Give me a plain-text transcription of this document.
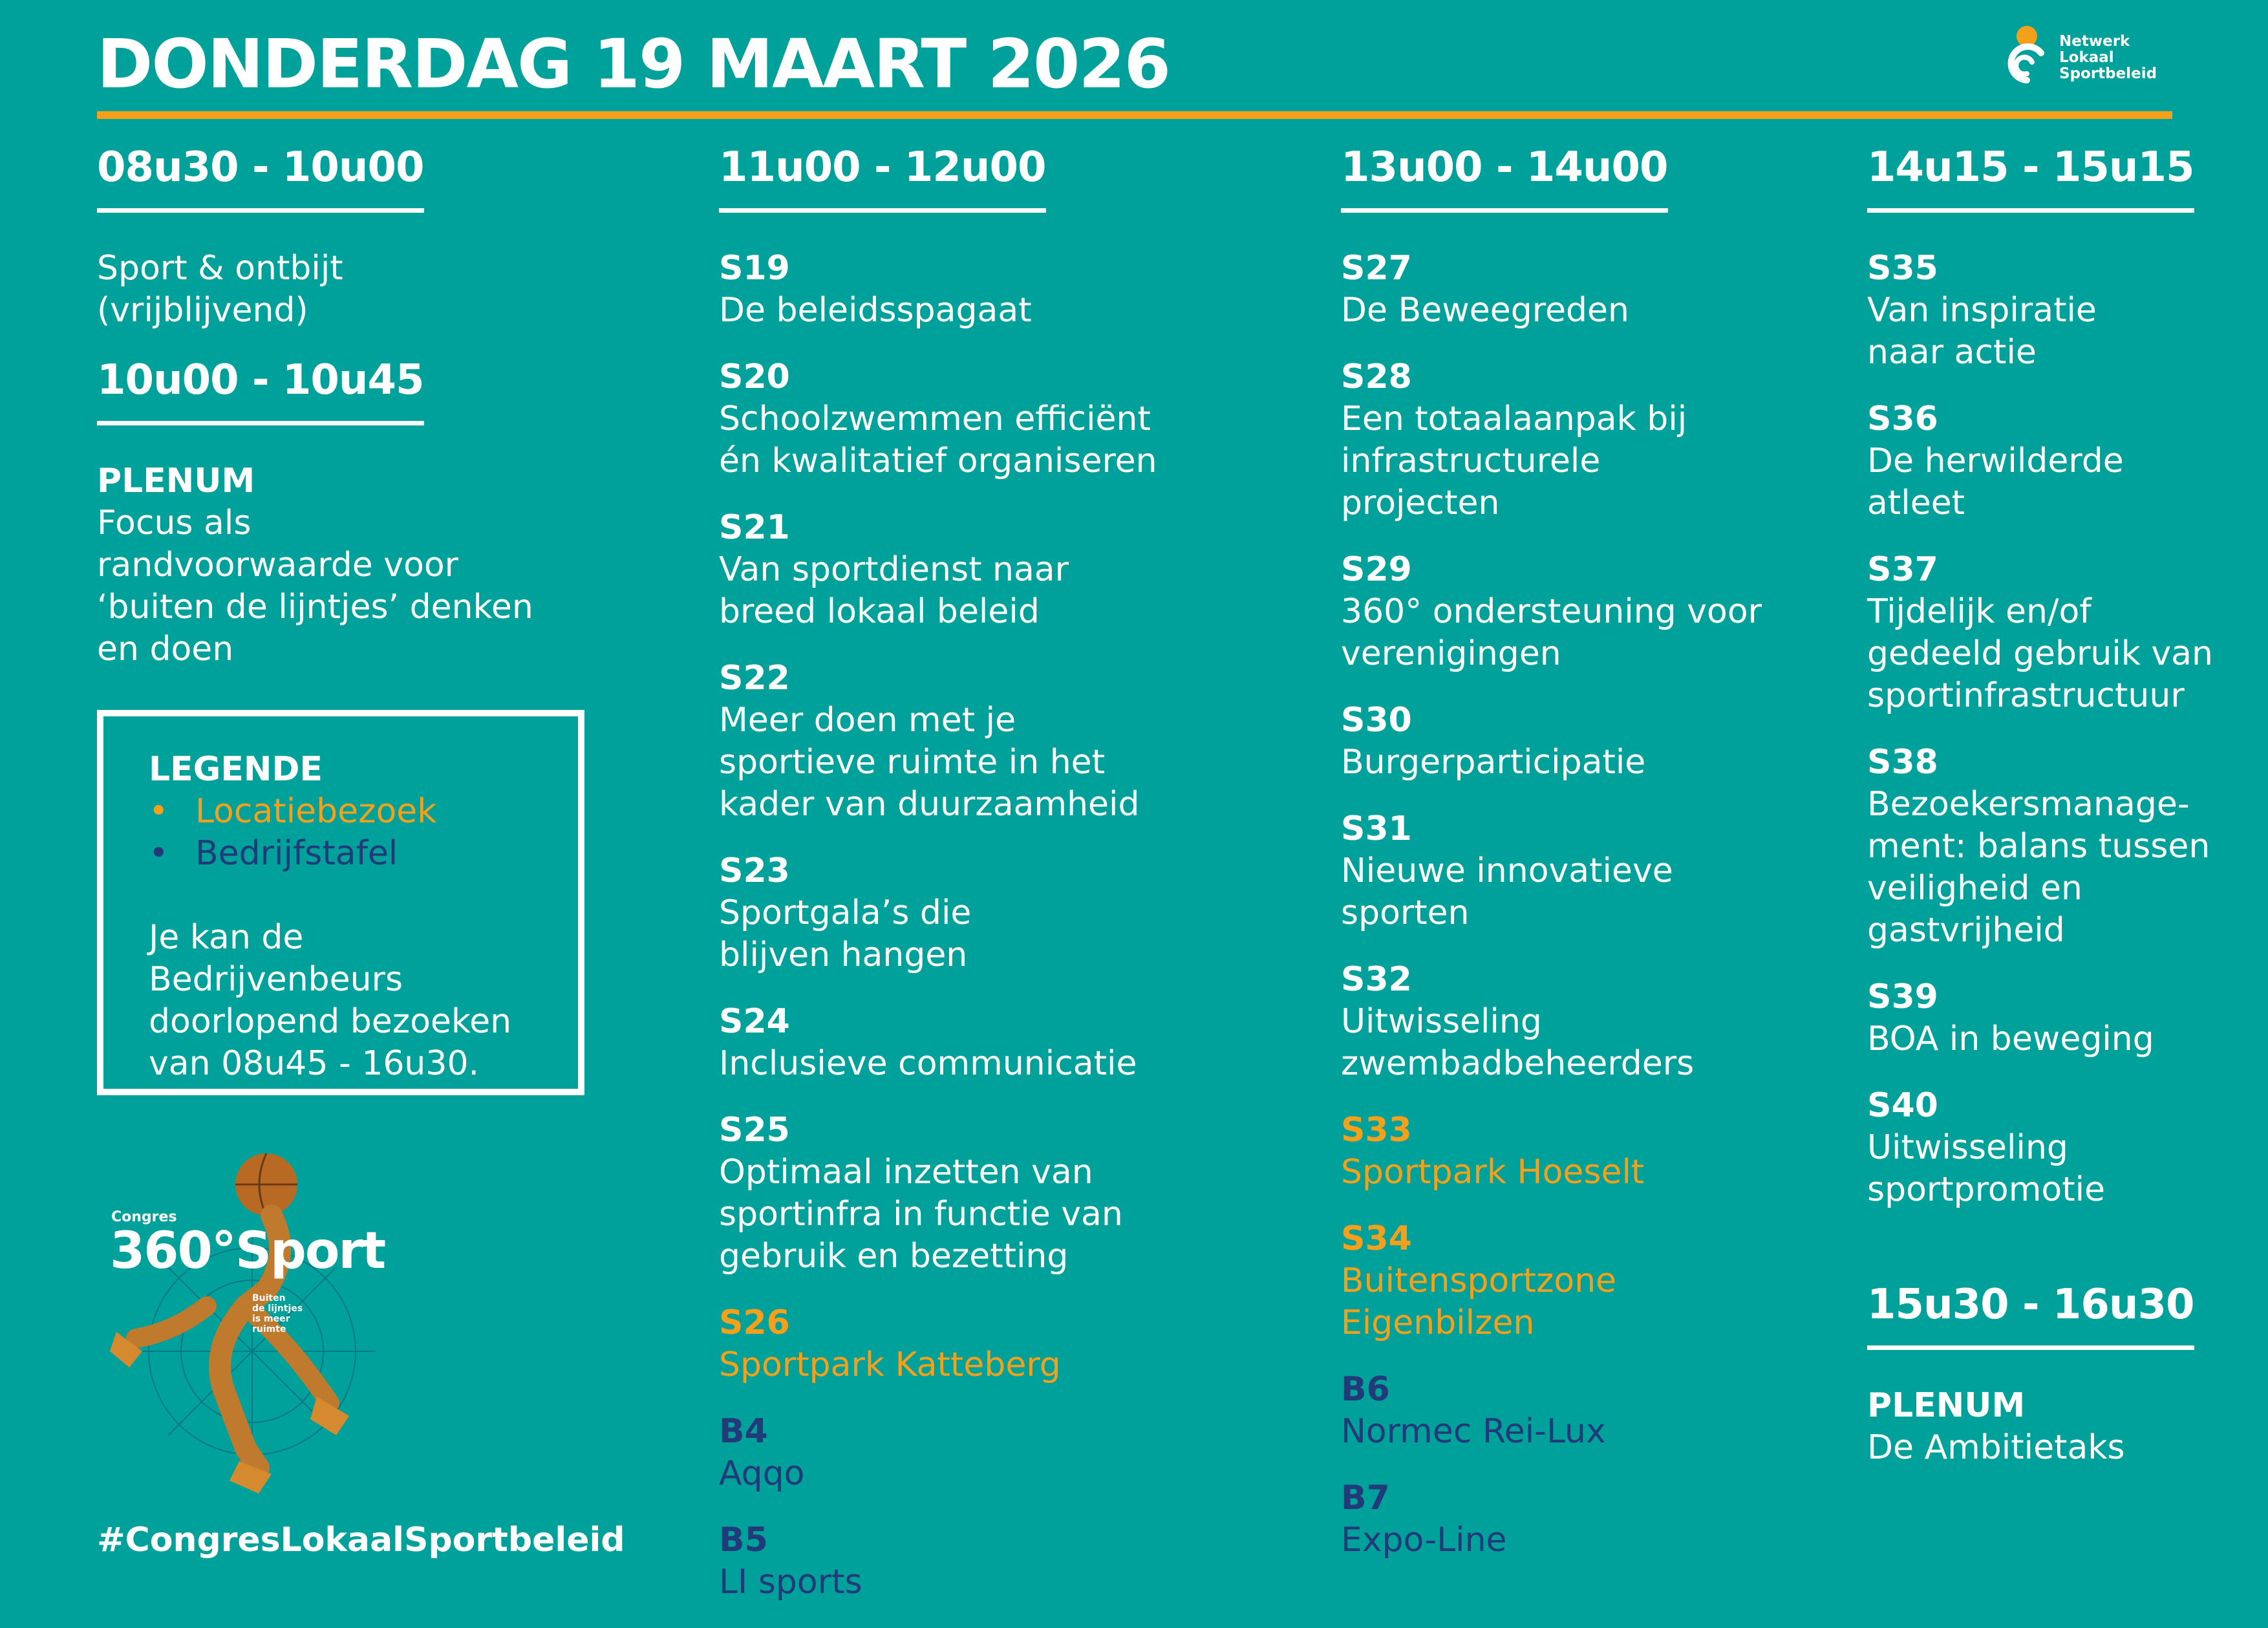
DONDERDAG 19 MAART 2026	Netwerk
Lokaal
Sportbeleid
08u30 - 10u00
Sport & ontbijt
(vrijblijvend)
10u00 - 10u45
PLENUM
Focus als
randvoorwaarde voor
‘buiten de lijntjes’ denken
en doen
LEGENDE
• Locatiebezoek
• Bedrijfstafel
Je kan de
Bedrijvenbeurs
doorlopend bezoeken
van 08u45 - 16u30.
Congres
360°Sport
Buiten
de lijntjes
is meer
ruimte
#CongresLokaalSportbeleid
11u00 - 12u00
S19
De beleidsspagaat
S20
Schoolzwemmen efficiënt
én kwalitatief organiseren
S21
Van sportdienst naar
breed lokaal beleid
S22
Meer doen met je
sportieve ruimte in het
kader van duurzaamheid
S23
Sportgala’s die
blijven hangen
S24
Inclusieve communicatie
S25
Optimaal inzetten van
sportinfra in functie van
gebruik en bezetting
S26
Sportpark Katteberg
B4
Aqqo
B5
LI sports
13u00 - 14u00
S27
De Beweegreden
S28
Een totaalaanpak bij
infrastructurele
projecten
S29
360° ondersteuning voor
verenigingen
S30
Burgerparticipatie
S31
Nieuwe innovatieve
sporten
S32
Uitwisseling
zwembadbeheerders
S33
Sportpark Hoeselt
S34
Buitensportzone
Eigenbilzen
B6
Normec Rei-Lux
B7
Expo-Line
14u15 - 15u15
S35
Van inspiratie
naar actie
S36
De herwilderde
atleet
S37
Tijdelijk en/of
gedeeld gebruik van
sportinfrastructuur
S38
Bezoekersmanage-
ment: balans tussen
veiligheid en
gastvrijheid
S39
BOA in beweging
S40
Uitwisseling
sportpromotie
15u30 - 16u30
PLENUM
De Ambitietaks
